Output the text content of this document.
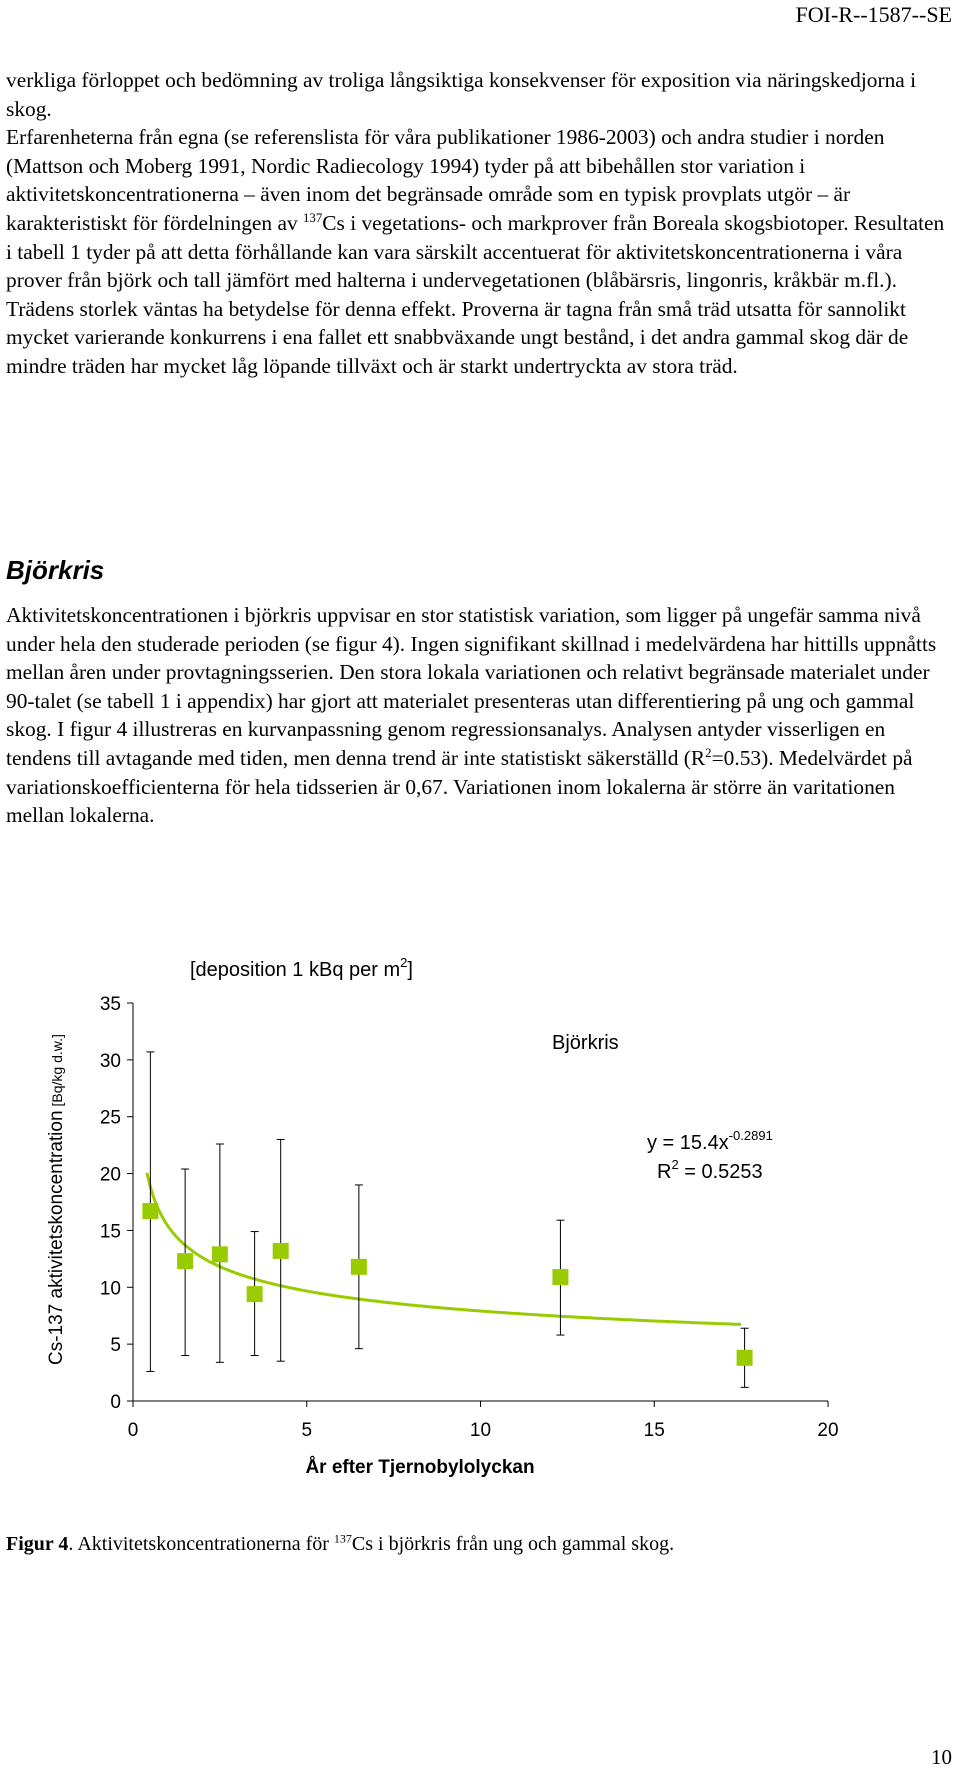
FOI-R--1587--SE

verkliga förloppet och bedömning av troliga långsiktiga konsekvenser för exposition via näringskedjorna i skog.

Erfarenheterna från egna (se referenslista för våra publikationer 1986-2003) och andra studier i norden (Mattson och Moberg 1991, Nordic Radiecology 1994) tyder på att bibehållen stor variation i aktivitetskoncentrationerna – även inom det begränsade område som en typisk provplats utgör – är karakteristiskt för fördelningen av $^{137}$Cs i vegetations- och markprover från Boreala skogsbiotoper. Resultaten i tabell 1 tyder på att detta förhållande kan vara särskilt accentuerat för aktivitetskoncentrationerna i våra prover från björk och tall jämfört med halterna i undervegetationen (blåbärsris, lingonris, kråkbär m.fl.). Trädens storlek väntas ha betydelse för denna effekt. Proverna är tagna från små träd utsatta för sannolikt mycket varierande konkurrens i ena fallet ett snabbväxande ungt bestånd, i det andra gammal skog där de mindre träden har mycket låg löpande tillväxt och är starkt undertryckta av stora träd.

Björkris

Aktivitetskoncentrationen i björkris uppvisar en stor statistisk variation, som ligger på ungefär samma nivå under hela den studerade perioden (se figur 4). Ingen signifikant skillnad i medelvärdena har hittills uppnåtts mellan åren under provtagningsserien. Den stora lokala variationen och relativt begränsade materialet under 90-talet (se tabell 1 i appendix) har gjort att materialet presenteras utan differentiering på ung och gammal skog. I figur 4 illustreras en kurvanpassning genom regressionsanalys. Analysen antyder visserligen en tendens till avtagande med tiden, men denna trend är inte statistiskt säkerställd $(R^2=0.53)$. Medelvärdet på variationskoefficienterna för hela tidsserien är 0,67. Variationen inom lokalerna är större än varitationen mellan lokalerna.

0
5
10
15
20
25
30
35
0	5	10	15	20
[deposition 1 kBq per $m^2$]
Björkris
$y = 15.4x^{-0.2891}$
$R^2 = 0.5253$
År efter Tjernobylolyckan
Cs-137 aktivitetskoncentration[Bq/kg d.w.]
Figur 4. Aktivitetskoncentrationerna för $^{137}$Cs i björkris från ung och gammal skog.
10
